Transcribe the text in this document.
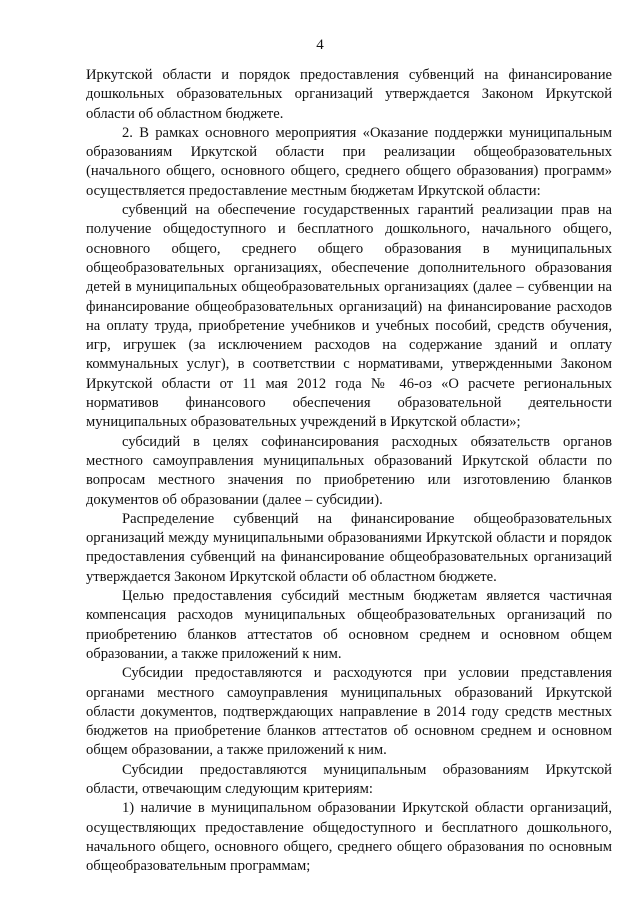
4

Иркутской области и порядок предоставления субвенций на финансирование дошкольных образовательных организаций утверждается Законом Иркутской области об областном бюджете.

2. В рамках основного мероприятия «Оказание поддержки муниципальным образованиям Иркутской области при реализации общеобразовательных (начального общего, основного общего, среднего общего образования) программ» осуществляется предоставление местным бюджетам Иркутской области:

субвенций на обеспечение государственных гарантий реализации прав на получение общедоступного и бесплатного дошкольного, начального общего, основного общего, среднего общего образования в муниципальных общеобразовательных организациях, обеспечение дополнительного образования детей в муниципальных общеобразовательных организациях (далее – субвенции на финансирование общеобразовательных организаций) на финансирование расходов на оплату труда, приобретение учебников и учебных пособий, средств обучения, игр, игрушек (за исключением расходов на содержание зданий и оплату коммунальных услуг), в соответствии с нормативами, утвержденными Законом Иркутской области от 11 мая 2012 года № 46-оз «О расчете региональных нормативов финансового обеспечения образовательной деятельности муниципальных образовательных учреждений в Иркутской области»;

субсидий в целях софинансирования расходных обязательств органов местного самоуправления муниципальных образований Иркутской области по вопросам местного значения по приобретению или изготовлению бланков документов об образовании (далее – субсидии).

Распределение субвенций на финансирование общеобразовательных организаций между муниципальными образованиями Иркутской области и порядок предоставления субвенций на финансирование общеобразовательных организаций утверждается Законом Иркутской области об областном бюджете.

Целью предоставления субсидий местным бюджетам является частичная компенсация расходов муниципальных общеобразовательных организаций по приобретению бланков аттестатов об основном среднем и основном общем образовании, а также приложений к ним.

Субсидии предоставляются и расходуются при условии представления органами местного самоуправления муниципальных образований Иркутской области документов, подтверждающих направление в 2014 году средств местных бюджетов на приобретение бланков аттестатов об основном среднем и основном общем образовании, а также приложений к ним.

Субсидии предоставляются муниципальным образованиям Иркутской области, отвечающим следующим критериям:

1) наличие в муниципальном образовании Иркутской области организаций, осуществляющих предоставление общедоступного и бесплатного дошкольного, начального общего, основного общего, среднего общего образования по основным общеобразовательным программам;
